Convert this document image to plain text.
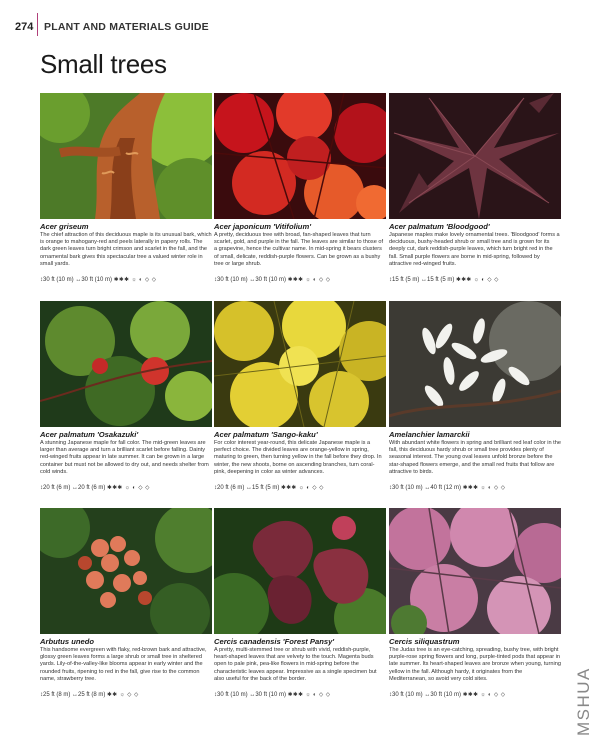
274 PLANT AND MATERIALS GUIDE
Small trees
Acer griseum
The chief attraction of this deciduous maple is its unusual bark, which is orange to mahogany-red and peels laterally in papery rolls. The dark green leaves turn bright crimson and scarlet in the fall, and the ornamental bark gives this spectacular tree a valued winter role in small yards.
↕30 ft (10 m) ↔30 ft (10 m) ✱✱✱ ☼ ◐ ◇ ◇
Acer japonicum 'Vitifolium'
A pretty, deciduous tree with broad, fan-shaped leaves that turn scarlet, gold, and purple in the fall. The leaves are similar to those of a grapevine, hence the cultivar name. In mid-spring it bears clusters of small, delicate, reddish-purple flowers. Can be grown as a bushy tree or large shrub.
↕30 ft (10 m) ↔30 ft (10 m) ✱✱✱ ☼ ◐ ◇ ◇
Acer palmatum 'Bloodgood'
Japanese maples make lovely ornamental trees. 'Bloodgood' forms a deciduous, bushy-headed shrub or small tree and is grown for its deeply cut, dark reddish-purple leaves, which turn bright red in the fall. Small purple flowers are borne in mid-spring, followed by attractive red-winged fruits.
↕15 ft (5 m) ↔15 ft (5 m) ✱✱✱ ☼ ◐ ◇ ◇
Acer palmatum 'Osakazuki'
A stunning Japanese maple for fall color. The mid-green leaves are larger than average and turn a brilliant scarlet before falling. Dainty red-winged fruits appear in late summer. It can be grown in a large container but must not be allowed to dry out, and needs shelter from cold winds.
↕20 ft (6 m) ↔20 ft (6 m) ✱✱✱ ☼ ◐ ◇ ◇
Acer palmatum 'Sango-kaku'
For color interest year-round, this delicate Japanese maple is a perfect choice. The divided leaves are orange-yellow in spring, maturing to green, then turning yellow in the fall before they drop. In winter, the new shoots, borne on ascending branches, turn coral-pink, deepening in color as winter advances.
↕20 ft (6 m) ↔15 ft (5 m) ✱✱✱ ☼ ◐ ◇ ◇
Amelanchier lamarckii
With abundant white flowers in spring and brilliant red leaf color in the fall, this deciduous hardy shrub or small tree provides plenty of seasonal interest. The young oval leaves unfold bronze before the star-shaped flowers emerge, and the small red fruits that follow are attractive to birds.
↕30 ft (10 m) ↔40 ft (12 m) ✱✱✱ ☼ ◐ ◇ ◇
Arbutus unedo
This handsome evergreen with flaky, red-brown bark and attractive, glossy green leaves forms a large shrub or small tree in sheltered yards. Lily-of-the-valley-like blooms appear in early winter and the rounded fruits, ripening to red in the fall, give rise to the common name, strawberry tree.
↕25 ft (8 m) ↔25 ft (8 m) ✱✱ ☼ ◇ ◇
Cercis canadensis 'Forest Pansy'
A pretty, multi-stemmed tree or shrub with vivid, reddish-purple, heart-shaped leaves that are velvety to the touch. Magenta buds open to pale pink, pea-like flowers in mid-spring before the characteristic leaves appear. Impressive as a single specimen but also useful for the back of the border.
↕30 ft (10 m) ↔30 ft (10 m) ✱✱✱ ☼ ◐ ◇ ◇
Cercis siliquastrum
The Judas tree is an eye-catching, spreading, bushy tree, with bright purple-rose spring flowers and long, purple-tinted pods that appear in late summer. Its heart-shaped leaves are bronze when young, turning yellow in the fall. Although hardy, it originates from the Mediterranean, so avoid very cold sites.
↕30 ft (10 m) ↔30 ft (10 m) ✱✱✱ ☼ ◐ ◇ ◇	MSHUA
